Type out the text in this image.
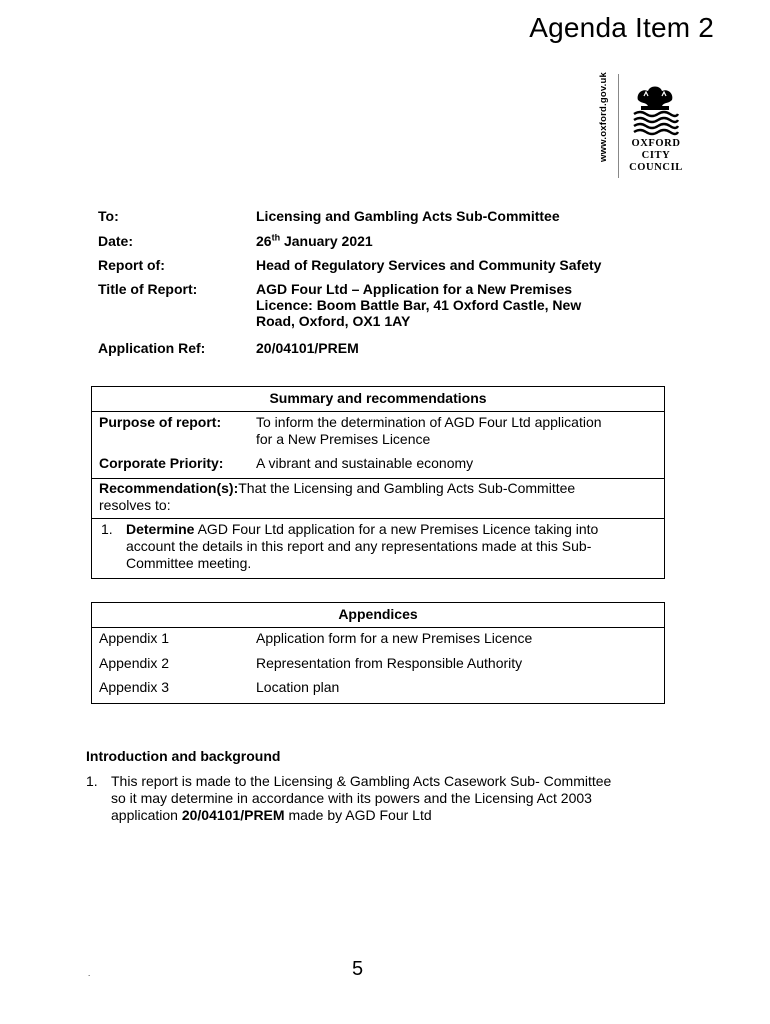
Agenda Item 2
www.oxford.gov.uk	OXFORD
CITY
COUNCIL
To:	Licensing and Gambling Acts Sub-Committee
Date:	26th January 2021
Report of:	Head of Regulatory Services and Community Safety
Title of Report:	AGD Four Ltd – Application for a New Premises
Licence: Boom Battle Bar, 41 Oxford Castle, New
Road, Oxford, OX1 1AY
Application Ref:	20/04101/PREM
Summary and recommendations
Purpose of report: To inform the determination of AGD Four Ltd application
for a New Premises Licence
Corporate Priority: A vibrant and sustainable economy
Recommendation(s):That the Licensing and Gambling Acts Sub-Committee
resolves to:
1. Determine AGD Four Ltd application for a new Premises Licence taking into
account the details in this report and any representations made at this Sub-
Committee meeting.
Appendices
Appendix 1	Application form for a new Premises Licence
Appendix 2	Representation from Responsible Authority
Appendix 3	Location plan
Introduction and background
1. This report is made to the Licensing & Gambling Acts Casework Sub- Committee
so it may determine in accordance with its powers and the Licensing Act 2003
application 20/04101/PREM made by AGD Four Ltd
.	5
